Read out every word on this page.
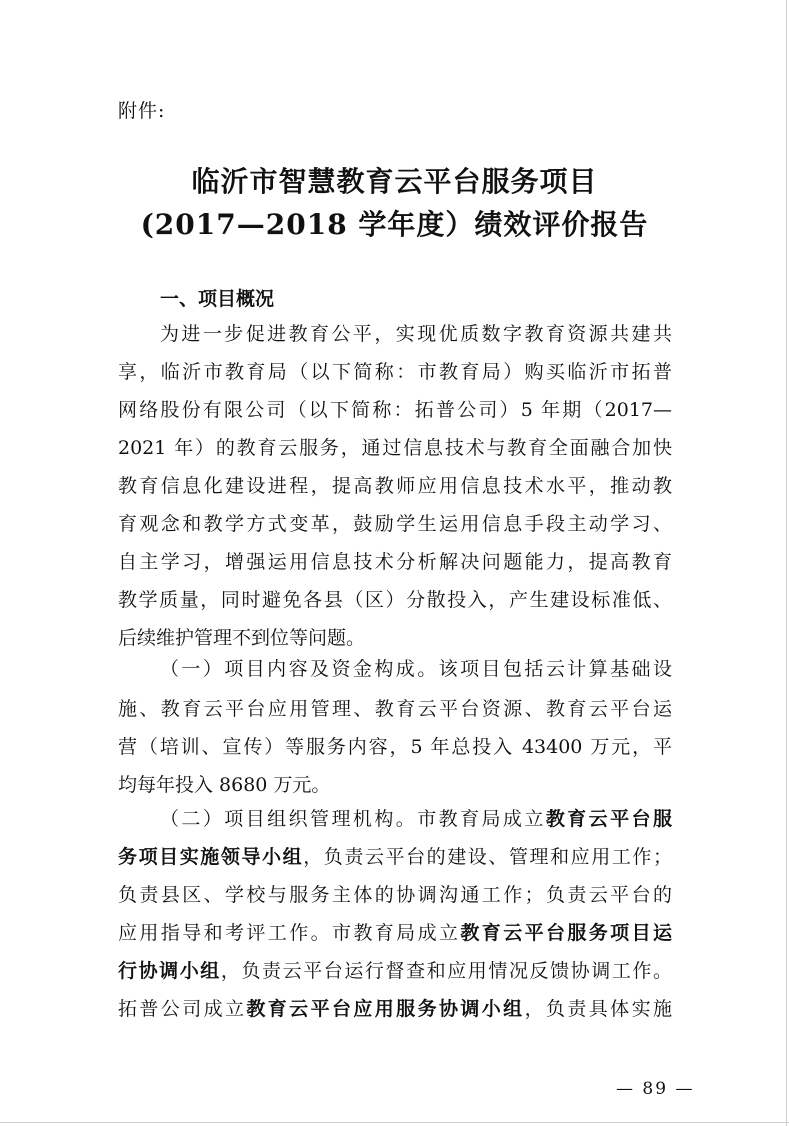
附件:
临沂市智慧教育云平台服务项目
(2017—2018 学年度）绩效评价报告
一、项目概况
为进一步促进教育公平，实现优质数字教育资源共建共
享，临沂市教育局（以下简称：市教育局）购买临沂市拓普
网络股份有限公司（以下简称：拓普公司）5 年期（2017—
2021 年）的教育云服务，通过信息技术与教育全面融合加快
教育信息化建设进程，提高教师应用信息技术水平，推动教
育观念和教学方式变革，鼓励学生运用信息手段主动学习、
自主学习，增强运用信息技术分析解决问题能力，提高教育
教学质量，同时避免各县（区）分散投入，产生建设标准低、
后续维护管理不到位等问题。
（一）项目内容及资金构成。该项目包括云计算基础设
施、教育云平台应用管理、教育云平台资源、教育云平台运
营（培训、宣传）等服务内容，5 年总投入 43400 万元，平
均每年投入 8680 万元。
（二）项目组织管理机构。市教育局成立教育云平台服
务项目实施领导小组，负责云平台的建设、管理和应用工作；
负责县区、学校与服务主体的协调沟通工作；负责云平台的
应用指导和考评工作。市教育局成立教育云平台服务项目运
行协调小组，负责云平台运行督查和应用情况反馈协调工作。
拓普公司成立教育云平台应用服务协调小组，负责具体实施
— 89 —
